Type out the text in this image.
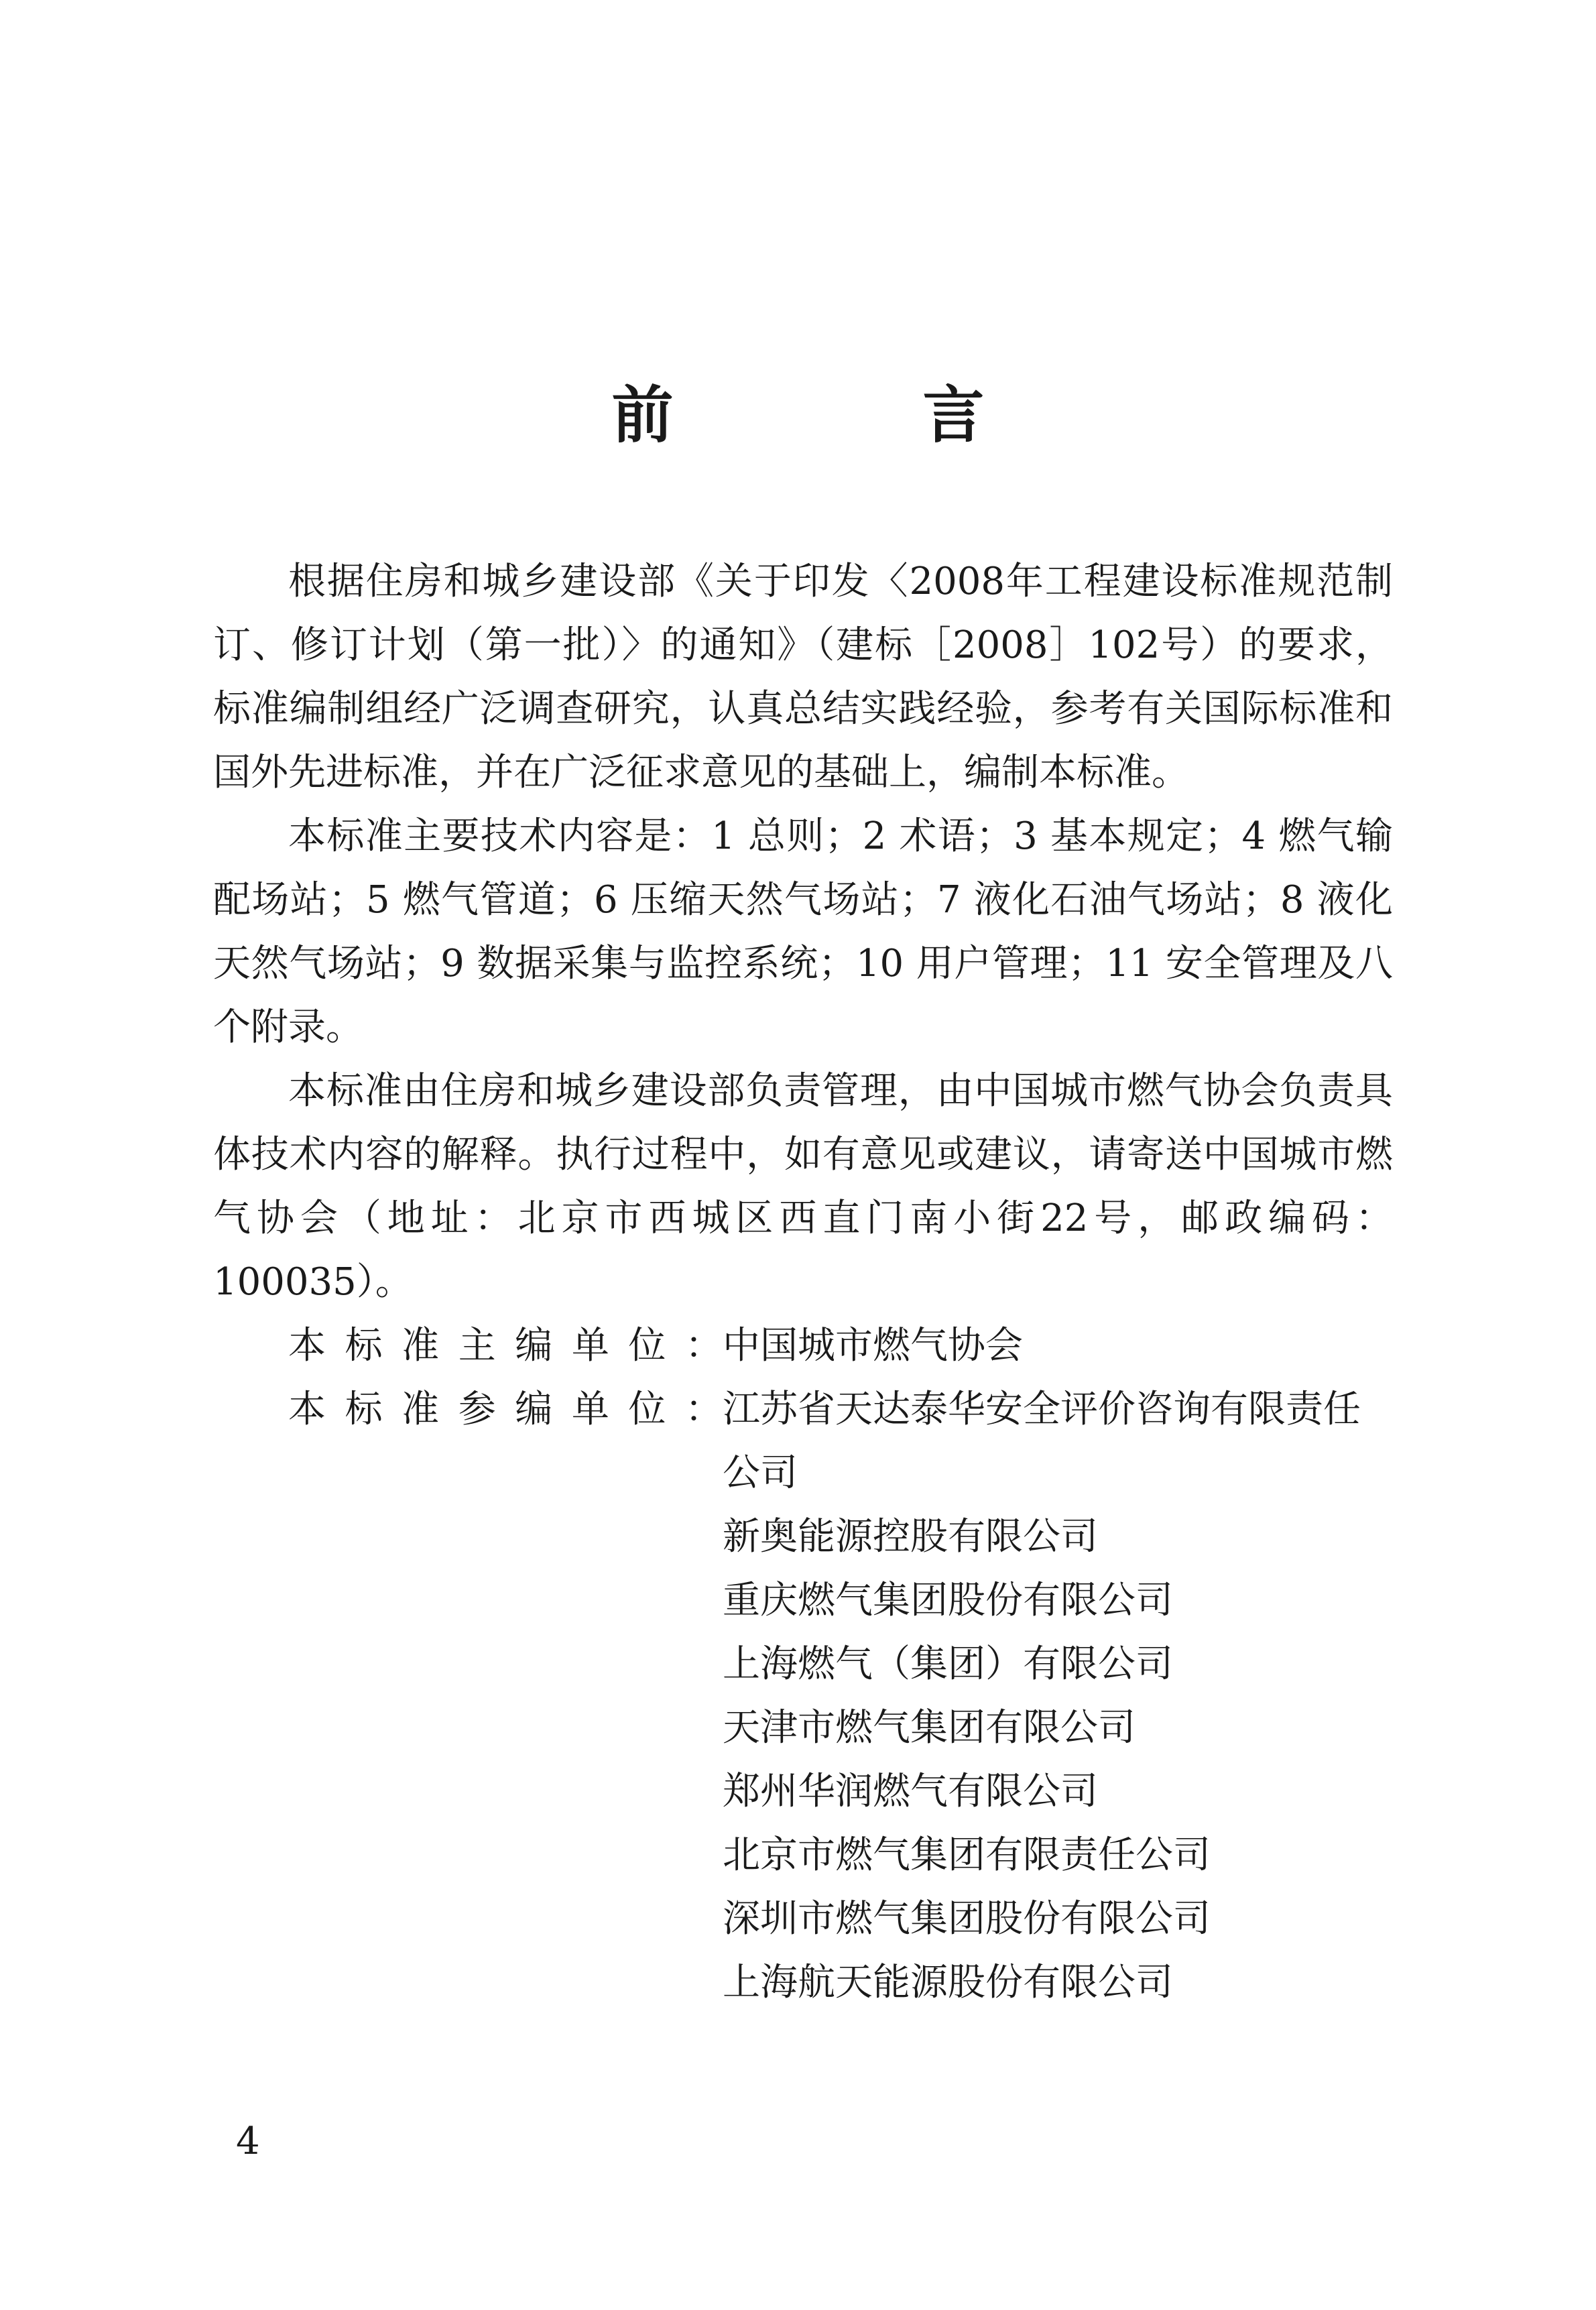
前 言

根据住房和城乡建设部《关于印发〈2008年工程建设标准规范制订、修订计划（第一批）〉的通知》（建标［2008］102号）的要求，标准编制组经广泛调查研究，认真总结实践经验，参考有关国际标准和国外先进标准，并在广泛征求意见的基础上，编制本标准。

本标准主要技术内容是：1 总则；2 术语；3 基本规定；4 燃气输配场站；5 燃气管道；6 压缩天然气场站；7 液化石油气场站；8 液化天然气场站；9 数据采集与监控系统；10 用户管理；11 安全管理及八个附录。

本标准由住房和城乡建设部负责管理，由中国城市燃气协会负责具体技术内容的解释。执行过程中，如有意见或建议，请寄送中国城市燃气协会（地址：北京市西城区西直门南小街22号，邮政编码：100035）。

本标准主编单位： 中国城市燃气协会
本标准参编单位： 江苏省天达泰华安全评价咨询有限责任公司
新奥能源控股有限公司
重庆燃气集团股份有限公司
上海燃气（集团）有限公司
天津市燃气集团有限公司
郑州华润燃气有限公司
北京市燃气集团有限责任公司
深圳市燃气集团股份有限公司
上海航天能源股份有限公司
4
